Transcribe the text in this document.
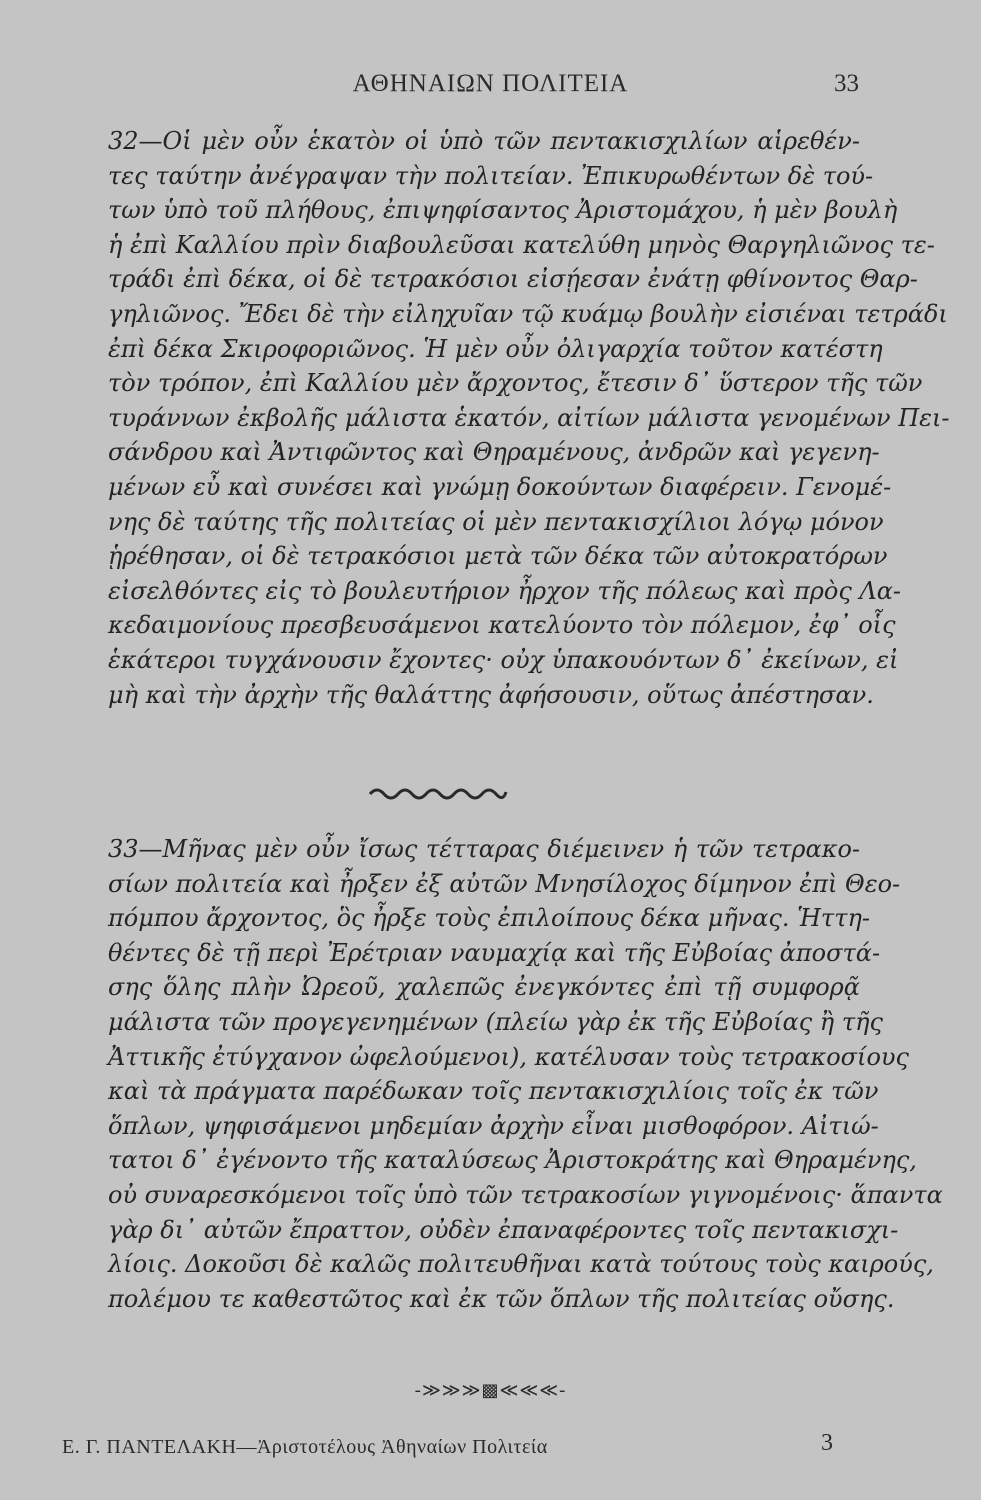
ΑΘΗΝΑΙΩΝ ΠΟΛΙΤΕΙΑ	33
32—Οἱ μὲν οὖν ἑκατὸν οἱ ὑπὸ τῶν πεντακισχιλίων αἱρεθέν-
τες ταύτην ἀνέγραψαν τὴν πολιτείαν. Ἐπικυρωθέντων δὲ τού-
των ὑπὸ τοῦ πλήθους, ἐπιψηφίσαντος Ἀριστομάχου, ἡ μὲν βουλὴ
ἡ ἐπὶ Καλλίου πρὶν διαβουλεῦσαι κατελύθη μηνὸς Θαργηλιῶνος τε-
τράδι ἐπὶ δέκα, οἱ δὲ τετρακόσιοι εἰσῄεσαν ἐνάτῃ φθίνοντος Θαρ-
γηλιῶνος. Ἔδει δὲ τὴν εἰληχυῖαν τῷ κυάμῳ βουλὴν εἰσιέναι τετράδι
ἐπὶ δέκα Σκιροφοριῶνος. Ἡ μὲν οὖν ὀλιγαρχία τοῦτον κατέστη
τὸν τρόπον, ἐπὶ Καλλίου μὲν ἄρχοντος, ἔτεσιν δ᾽ ὕστερον τῆς τῶν
τυράννων ἐκβολῆς μάλιστα ἑκατόν, αἰτίων μάλιστα γενομένων Πει-
σάνδρου καὶ Ἀντιφῶντος καὶ Θηραμένους, ἀνδρῶν καὶ γεγενη-
μένων εὖ καὶ συνέσει καὶ γνώμῃ δοκούντων διαφέρειν. Γενομέ-
νης δὲ ταύτης τῆς πολιτείας οἱ μὲν πεντακισχίλιοι λόγῳ μόνον
ᾑρέθησαν, οἱ δὲ τετρακόσιοι μετὰ τῶν δέκα τῶν αὐτοκρατόρων
εἰσελθόντες εἰς τὸ βουλευτήριον ἦρχον τῆς πόλεως καὶ πρὸς Λα-
κεδαιμονίους πρεσβευσάμενοι κατελύοντο τὸν πόλεμον, ἐφ᾽ οἷς
ἑκάτεροι τυγχάνουσιν ἔχοντες· οὐχ ὑπακουόντων δ᾽ ἐκείνων, εἰ
μὴ καὶ τὴν ἀρχὴν τῆς θαλάττης ἀφήσουσιν, οὕτως ἀπέστησαν.
33—Μῆνας μὲν οὖν ἴσως τέτταρας διέμεινεν ἡ τῶν τετρακο-
σίων πολιτεία καὶ ἦρξεν ἐξ αὐτῶν Μνησίλοχος δίμηνον ἐπὶ Θεο-
πόμπου ἄρχοντος, ὃς ἦρξε τοὺς ἐπιλοίπους δέκα μῆνας. Ἡττη-
θέντες δὲ τῇ περὶ Ἐρέτριαν ναυμαχίᾳ καὶ τῆς Εὐβοίας ἀποστά-
σης ὅλης πλὴν Ὠρεοῦ, χαλεπῶς ἐνεγκόντες ἐπὶ τῇ συμφορᾷ
μάλιστα τῶν προγεγενημένων (πλείω γὰρ ἐκ τῆς Εὐβοίας ἢ τῆς
Ἀττικῆς ἐτύγχανον ὠφελούμενοι), κατέλυσαν τοὺς τετρακοσίους
καὶ τὰ πράγματα παρέδωκαν τοῖς πεντακισχιλίοις τοῖς ἐκ τῶν
ὅπλων, ψηφισάμενοι μηδεμίαν ἀρχὴν εἶναι μισθοφόρον. Αἰτιώ-
τατοι δ᾽ ἐγένοντο τῆς καταλύσεως Ἀριστοκράτης καὶ Θηραμένης,
οὐ συναρεσκόμενοι τοῖς ὑπὸ τῶν τετρακοσίων γιγνομένοις· ἅπαντα
γὰρ δι᾽ αὐτῶν ἔπραττον, οὐδὲν ἐπαναφέροντες τοῖς πεντακισχι-
λίοις. Δοκοῦσι δὲ καλῶς πολιτευθῆναι κατὰ τούτους τοὺς καιρούς,
πολέμου τε καθεστῶτος καὶ ἐκ τῶν ὅπλων τῆς πολιτείας οὔσης.
-≫≫≫▩≪≪≪-
Ε. Γ. ΠΑΝΤΕΛΑΚΗ—Ἀριστοτέλους Ἀθηναίων Πολιτεία	3
